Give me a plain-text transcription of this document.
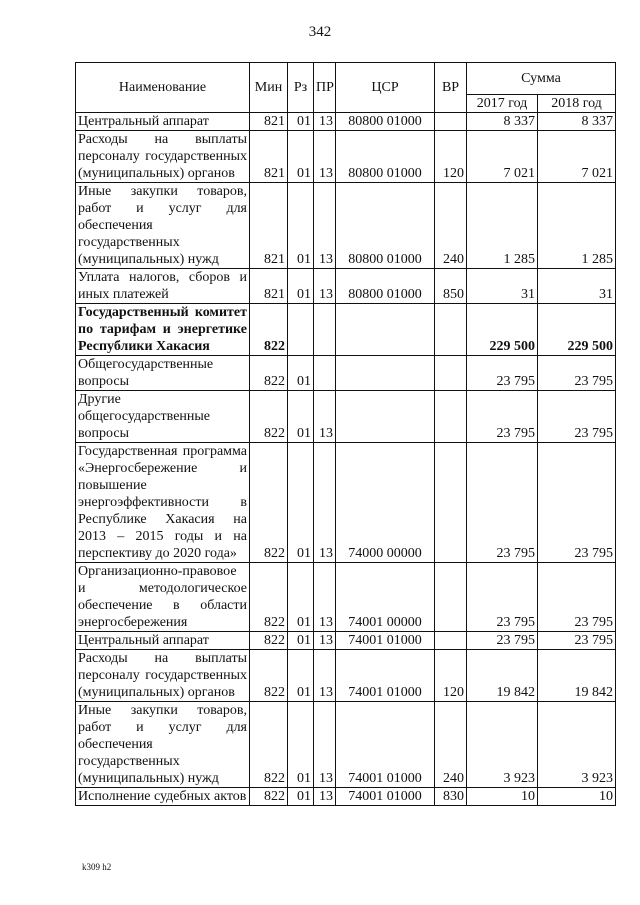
342
Наименование	Мин	Рз	ПР	ЦСР	ВР	Сумма	
						2017 год	2018 год
Центральный аппарат	821	01	13	80800 01000		8 337	8 337
Расходы на выплаты персоналу государственных (муниципальных) органов	821	01	13	80800 01000	120	7 021	7 021
Иные закупки товаров, работ и услуг для обеспечения государственных (муниципальных) нужд	821	01	13	80800 01000	240	1 285	1 285
Уплата налогов, сборов и иных платежей	821	01	13	80800 01000	850	31	31
Государственный комитет по тарифам и энергетике Республики Хакасия	822					229 500	229 500
Общегосударственные вопросы	822	01				23 795	23 795
Другие общегосударственные вопросы	822	01	13			23 795	23 795
Государственная программа «Энергосбережение и повышение энергоэффективности в Республике Хакасия на 2013 – 2015 годы и на перспективу до 2020 года»	822	01	13	74000 00000		23 795	23 795
Организационно-правовое и методологическое обеспечение в области энергосбережения	822	01	13	74001 00000		23 795	23 795
Центральный аппарат	822	01	13	74001 01000		23 795	23 795
Расходы на выплаты персоналу государственных (муниципальных) органов	822	01	13	74001 01000	120	19 842	19 842
Иные закупки товаров, работ и услуг для обеспечения государственных (муниципальных) нужд	822	01	13	74001 01000	240	3 923	3 923
Исполнение судебных актов	822	01	13	74001 01000	830	10	10
k309 h2
